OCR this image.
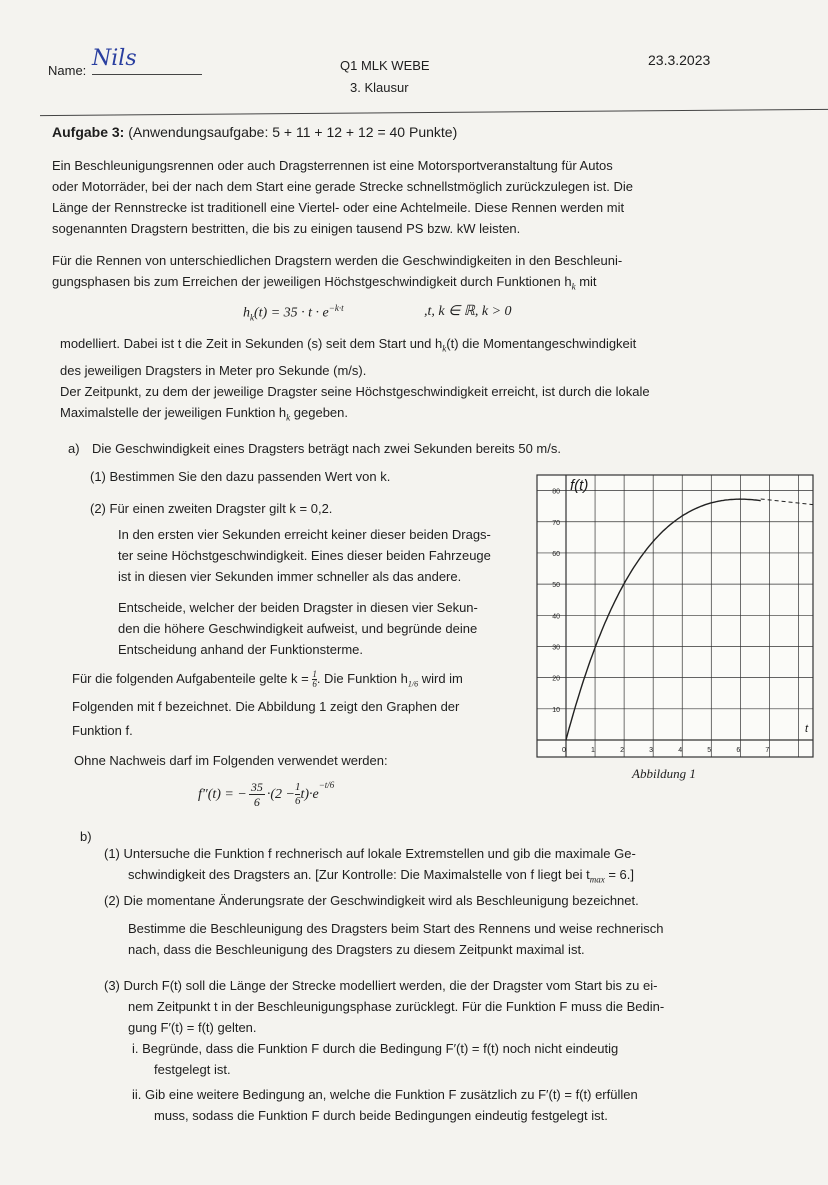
Name: Nils	Q1 MLK WEBE
3. Klausur
23.3.2023
Aufgabe 3: (Anwendungsaufgabe: 5 + 11 + 12 + 12 = 40 Punkte)
Ein Beschleunigungsrennen oder auch Dragsterrennen ist eine Motorsportveranstaltung für Autos
oder Motorräder, bei der nach dem Start eine gerade Strecke schnellstmöglich zurückzulegen ist. Die
Länge der Rennstrecke ist traditionell eine Viertel- oder eine Achtelmeile. Diese Rennen werden mit
sogenannten Dragstern bestritten, die bis zu einigen tausend PS bzw. kW leisten.
Für die Rennen von unterschiedlichen Dragstern werden die Geschwindigkeiten in den Beschleuni-
gungsphasen bis zum Erreichen der jeweiligen Höchstgeschwindigkeit durch Funktionen $h_k$ mit
$h_k(t) = 35 \cdot t \cdot e^{-k\cdot t}$	,t, k ∈ ℝ, k > 0
modelliert. Dabei ist t die Zeit in Sekunden (s) seit dem Start und $h_k(t)$ die Momentangeschwindigkeit
des jeweiligen Dragsters in Meter pro Sekunde (m/s).
Der Zeitpunkt, zu dem der jeweilige Dragster seine Höchstgeschwindigkeit erreicht, ist durch die lokale
Maximalstelle der jeweiligen Funktion $h_k$ gegeben.
a) Die Geschwindigkeit eines Dragsters beträgt nach zwei Sekunden bereits 50 m/s.
(1) Bestimmen Sie den dazu passenden Wert von k.
(2) Für einen zweiten Dragster gilt k = 0,2.
In den ersten vier Sekunden erreicht keiner dieser beiden Drags-
ter seine Höchstgeschwindigkeit. Eines dieser beiden Fahrzeuge
ist in diesen vier Sekunden immer schneller als das andere.
Entscheide, welcher der beiden Dragster in diesen vier Sekun-
den die höhere Geschwindigkeit aufweist, und begründe deine
Entscheidung anhand der Funktionsterme.
Für die folgenden Aufgabenteile gelte $k = \frac{1}{6}$ . Die Funktion $h_{1/6}$ wird im
Folgenden mit f bezeichnet. Die Abbildung 1 zeigt den Graphen der
Funktion f.
Ohne Nachweis darf im Folgenden verwendet werden:
f″(t) = − $\frac{35}{6} \cdot(2 - \frac{1}{6} t)\cdot e$
$^{-t/6}$
10
20
30
40
50
60
70
80
0	1	2	3	4	5	6	7
f(t)
t
Abbildung 1
b)
(1) Untersuche die Funktion f rechnerisch auf lokale Extremstellen und gib die maximale Ge-
schwindigkeit des Dragsters an. [Zur Kontrolle: Die Maximalstelle von f liegt bei $t_{max} = 6$.]
(2) Die momentane Änderungsrate der Geschwindigkeit wird als Beschleunigung bezeichnet.
Bestimme die Beschleunigung des Dragsters beim Start des Rennens und weise rechnerisch
nach, dass die Beschleunigung des Dragsters zu diesem Zeitpunkt maximal ist.
(3) Durch F(t) soll die Länge der Strecke modelliert werden, die der Dragster vom Start bis zu ei-
nem Zeitpunkt t in der Beschleunigungsphase zurücklegt. Für die Funktion F muss die Bedin-
gung F′(t) = f(t) gelten.
i. Begründe, dass die Funktion F durch die Bedingung F′(t) = f(t) noch nicht eindeutig
festgelegt ist.
ii. Gib eine weitere Bedingung an, welche die Funktion F zusätzlich zu F′(t) = f(t) erfüllen
muss, sodass die Funktion F durch beide Bedingungen eindeutig festgelegt ist.
